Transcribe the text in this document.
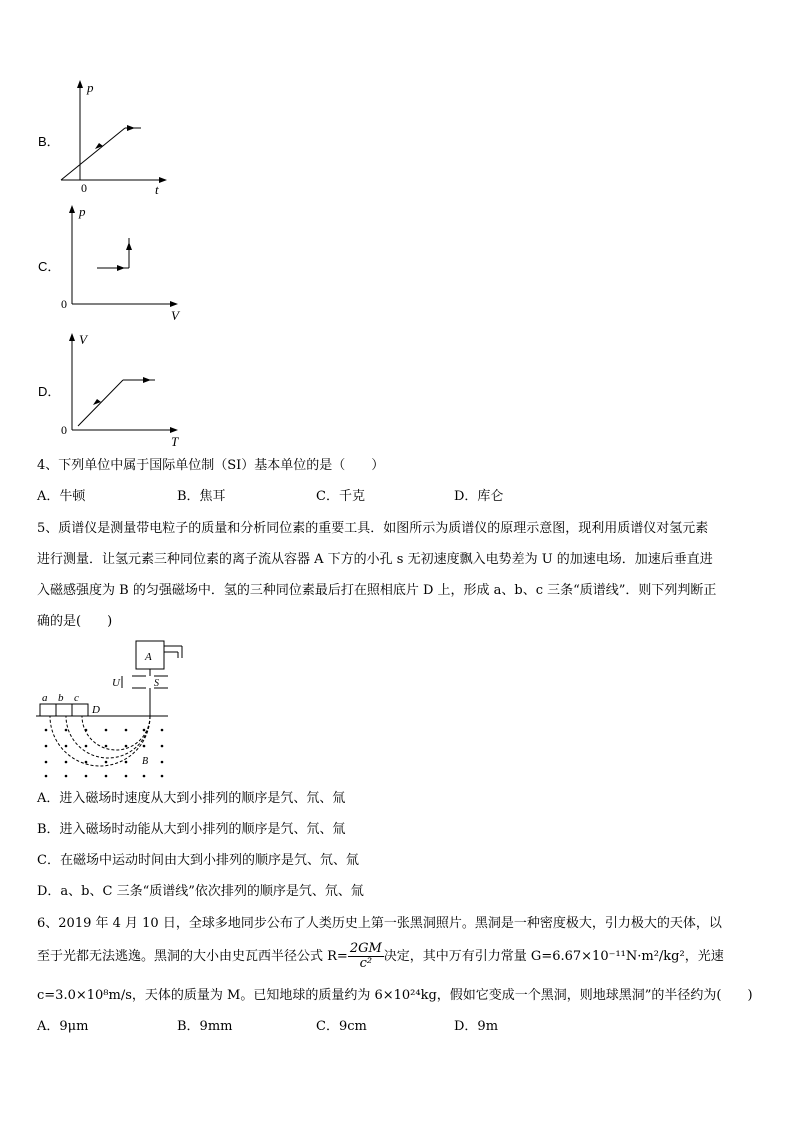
B．
p
t
0
C．
p
V
0
D．
V
T
0
4、下列单位中属于国际单位制（SI）基本单位的是（　　）
A．牛顿	B．焦耳	C．千克	D．库仑
5、质谱仪是测量带电粒子的质量和分析同位素的重要工具．如图所示为质谱仪的原理示意图，现利用质谱仪对氢元素
进行测量．让氢元素三种同位素的离子流从容器 A 下方的小孔 s 无初速度飘入电势差为 U 的加速电场．加速后垂直进
入磁感强度为 B 的匀强磁场中．氢的三种同位素最后打在照相底片 D 上，形成 a、b、c 三条“质谱线”．则下列判断正
确的是(　　)
A
U	S
a b c
D
B
A．进入磁场时速度从大到小排列的顺序是氕、氘、氚
B．进入磁场时动能从大到小排列的顺序是氕、氘、氚
C．在磁场中运动时间由大到小排列的顺序是氕、氘、氚
D．a、b、C 三条“质谱线”依次排列的顺序是氕、氘、氚
6、2019 年 4 月 10 日，全球多地同步公布了人类历史上第一张黑洞照片。黑洞是一种密度极大，引力极大的天体，以
至于光都无法逃逸。黑洞的大小由史瓦西半径公式 $R= \frac{2GM}{\text{c²}}$ 决定，其中万有引力常量 G=6.67×10⁻¹¹N·m²/kg²，光速
c=3.0×10⁸m/s，天体的质量为 M。已知地球的质量约为 6×10²⁴kg，假如它变成一个黑洞，则地球黑洞”的半径约为(　　)
A．9μm	B．9mm	C．9cm	D．9m
